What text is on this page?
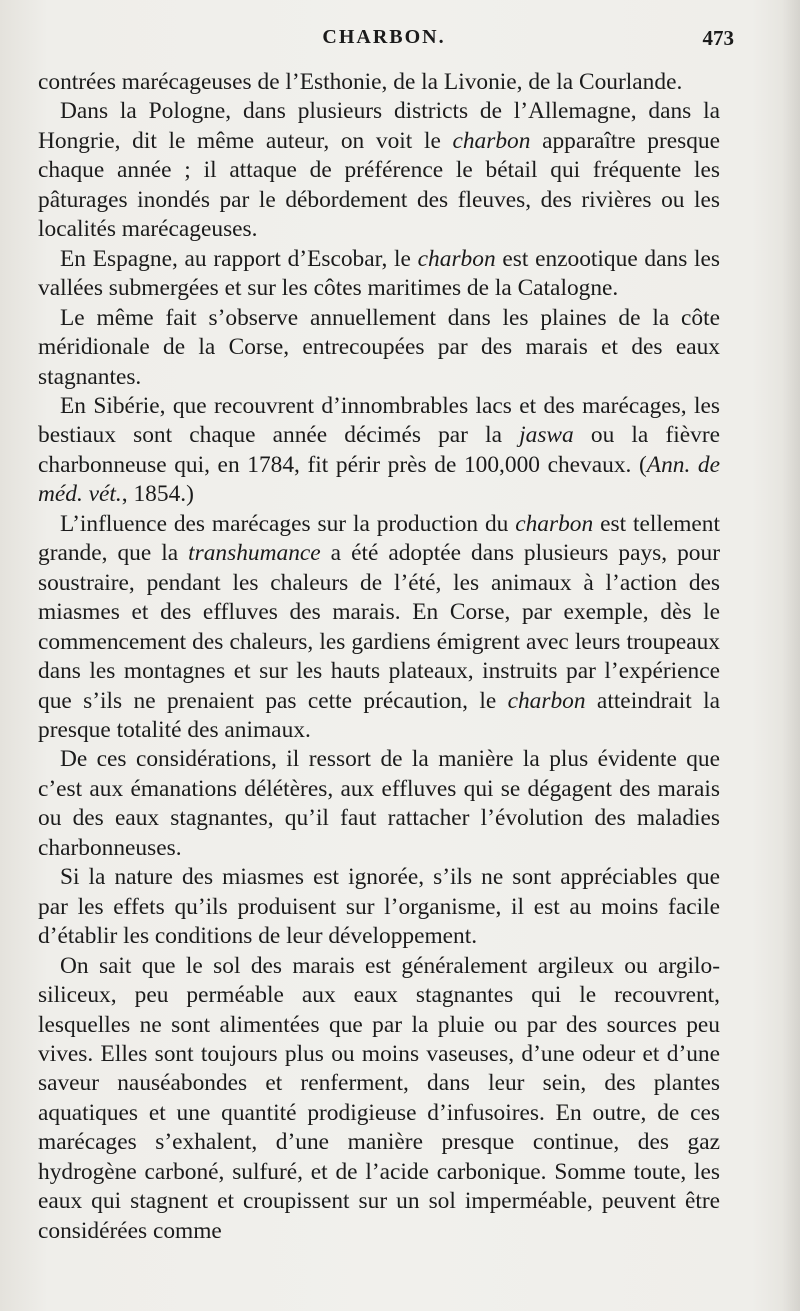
CHARBON.	473

contrées marécageuses de l’Esthonie, de la Livonie, de la Courlande.

Dans la Pologne, dans plusieurs districts de l’Allemagne, dans la Hongrie, dit le même auteur, on voit le charbon apparaître presque chaque année ; il attaque de préférence le bétail qui fréquente les pâturages inondés par le débordement des fleuves, des rivières ou les localités marécageuses.

En Espagne, au rapport d’Escobar, le charbon est enzootique dans les vallées submergées et sur les côtes maritimes de la Catalogne.

Le même fait s’observe annuellement dans les plaines de la côte méridionale de la Corse, entrecoupées par des marais et des eaux stagnantes.

En Sibérie, que recouvrent d’innombrables lacs et des marécages, les bestiaux sont chaque année décimés par la jaswa ou la fièvre charbonneuse qui, en 1784, fit périr près de 100,000 chevaux. (Ann. de méd. vét., 1854.)

L’influence des marécages sur la production du charbon est tellement grande, que la transhumance a été adoptée dans plusieurs pays, pour soustraire, pendant les chaleurs de l’été, les animaux à l’action des miasmes et des effluves des marais. En Corse, par exemple, dès le commencement des chaleurs, les gardiens émigrent avec leurs troupeaux dans les montagnes et sur les hauts plateaux, instruits par l’expérience que s’ils ne prenaient pas cette précaution, le charbon atteindrait la presque totalité des animaux.

De ces considérations, il ressort de la manière la plus évidente que c’est aux émanations délétères, aux effluves qui se dégagent des marais ou des eaux stagnantes, qu’il faut rattacher l’évolution des maladies charbonneuses.

Si la nature des miasmes est ignorée, s’ils ne sont appréciables que par les effets qu’ils produisent sur l’organisme, il est au moins facile d’établir les conditions de leur développement.

On sait que le sol des marais est généralement argileux ou argilo-siliceux, peu perméable aux eaux stagnantes qui le recouvrent, lesquelles ne sont alimentées que par la pluie ou par des sources peu vives. Elles sont toujours plus ou moins vaseuses, d’une odeur et d’une saveur nauséabondes et renferment, dans leur sein, des plantes aquatiques et une quantité prodigieuse d’infusoires. En outre, de ces marécages s’exhalent, d’une manière presque continue, des gaz hydrogène carboné, sulfuré, et de l’acide carbonique. Somme toute, les eaux qui stagnent et croupissent sur un sol imperméable, peuvent être considérées comme
